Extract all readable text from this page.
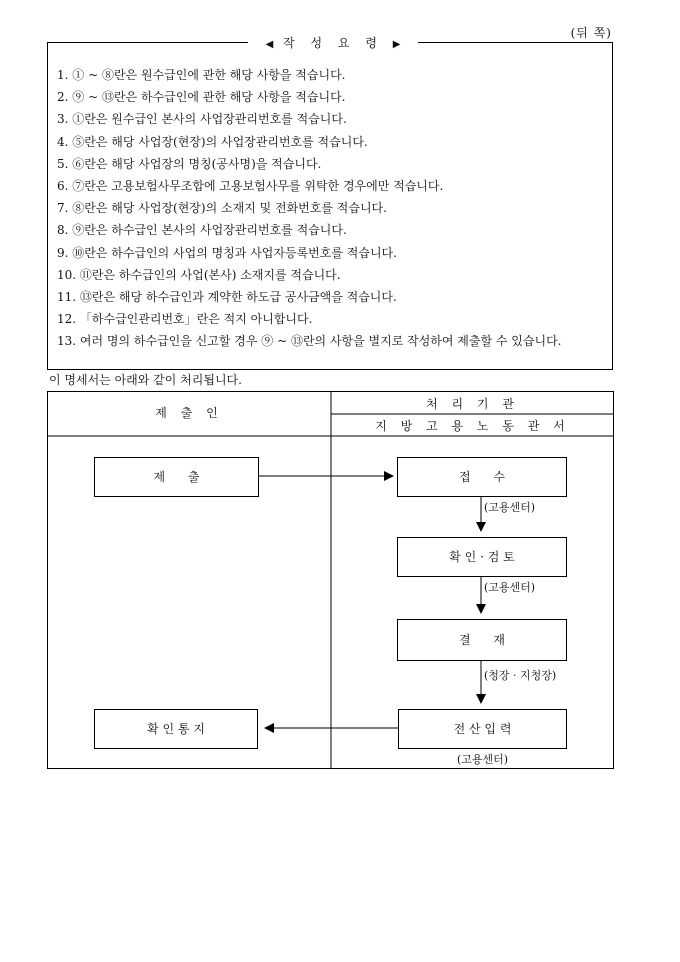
(뒤 쪽)
◀ 작 성 요 령 ▶
1. ① ~ ⑧란은 원수급인에 관한 해당 사항을 적습니다.
2. ⑨ ~ ⑬란은 하수급인에 관한 해당 사항을 적습니다.
3. ①란은 원수급인 본사의 사업장관리번호를 적습니다.
4. ⑤란은 해당 사업장(현장)의 사업장관리번호를 적습니다.
5. ⑥란은 해당 사업장의 명칭(공사명)을 적습니다.
6. ⑦란은 고용보험사무조합에 고용보험사무를 위탁한 경우에만 적습니다.
7. ⑧란은 해당 사업장(현장)의 소재지 및 전화번호를 적습니다.
8. ⑨란은 하수급인 본사의 사업장관리번호를 적습니다.
9. ⑩란은 하수급인의 사업의 명칭과 사업자등록번호를 적습니다.
10. ⑪란은 하수급인의 사업(본사) 소재지를 적습니다.
11. ⑬란은 해당 하수급인과 계약한 하도급 공사금액을 적습니다.
12. 「하수급인관리번호」란은 적지 아니합니다.
13. 여러 명의 하수급인을 신고할 경우 ⑨ ~ ⑬란의 사항을 별지로 작성하여 제출할 수 있습니다.
이 명세서는 아래와 같이 처리됩니다.
제 출 인
처 리 기 관
지 방 고 용 노 동 관 서
제      출	접      수
(고용센터)
확 인 · 검 토
(고용센터)
결      재
(청장 · 지청장)
전 산 입 력
(고용센터)
확 인 통 지
